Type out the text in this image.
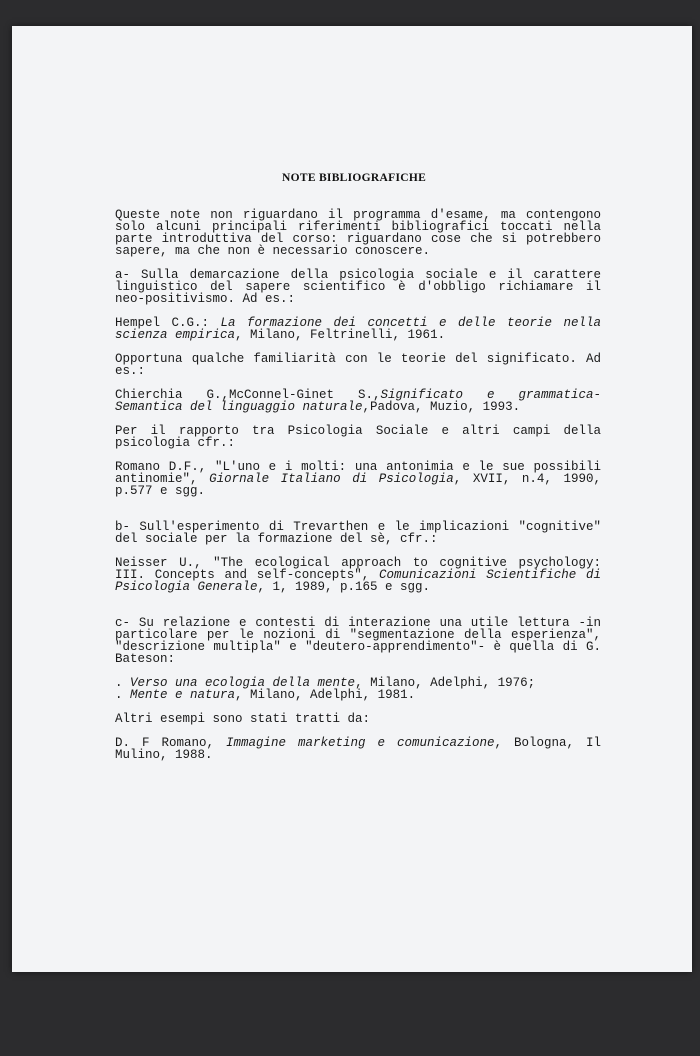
NOTE BIBLIOGRAFICHE

Queste note non riguardano il programma d'esame, ma contengono solo alcuni principali riferimenti bibliografici toccati nella parte introduttiva del corso: riguardano cose che si potrebbero sapere, ma che non è necessario conoscere.

a- Sulla demarcazione della psicologia sociale e il carattere linguistico del sapere scientifico è d'obbligo richiamare il neo-positivismo. Ad es.:

Hempel C.G.: La formazione dei concetti e delle teorie nella scienza empirica, Milano, Feltrinelli, 1961.

Opportuna qualche familiarità con le teorie del significato. Ad es.:

Chierchia G.,McConnel-Ginet S.,Significato e grammatica-Semantica del linguaggio naturale,Padova, Muzio, 1993.

Per il rapporto tra Psicologia Sociale e altri campi della psicologia cfr.:

Romano D.F., "L'uno e i molti: una antonimia e le sue possibili antinomie", Giornale Italiano di Psicologia, XVII, n.4, 1990, p.577 e sgg.

b- Sull'esperimento di Trevarthen e le implicazioni "cognitive" del sociale per la formazione del sè, cfr.:

Neisser U., "The ecological approach to cognitive psychology: III. Concepts and self-concepts", Comunicazioni Scientifiche di Psicologia Generale, 1, 1989, p.165 e sgg.

c- Su relazione e contesti di interazione una utile lettura -in particolare per le nozioni di "segmentazione della esperienza", "descrizione multipla" e "deutero-apprendimento"- è quella di G. Bateson:

. Verso una ecologia della mente, Milano, Adelphi, 1976;

. Mente e natura, Milano, Adelphi, 1981.

Altri esempi sono stati tratti da:

D. F Romano, Immagine marketing e comunicazione, Bologna, Il Mulino, 1988.
